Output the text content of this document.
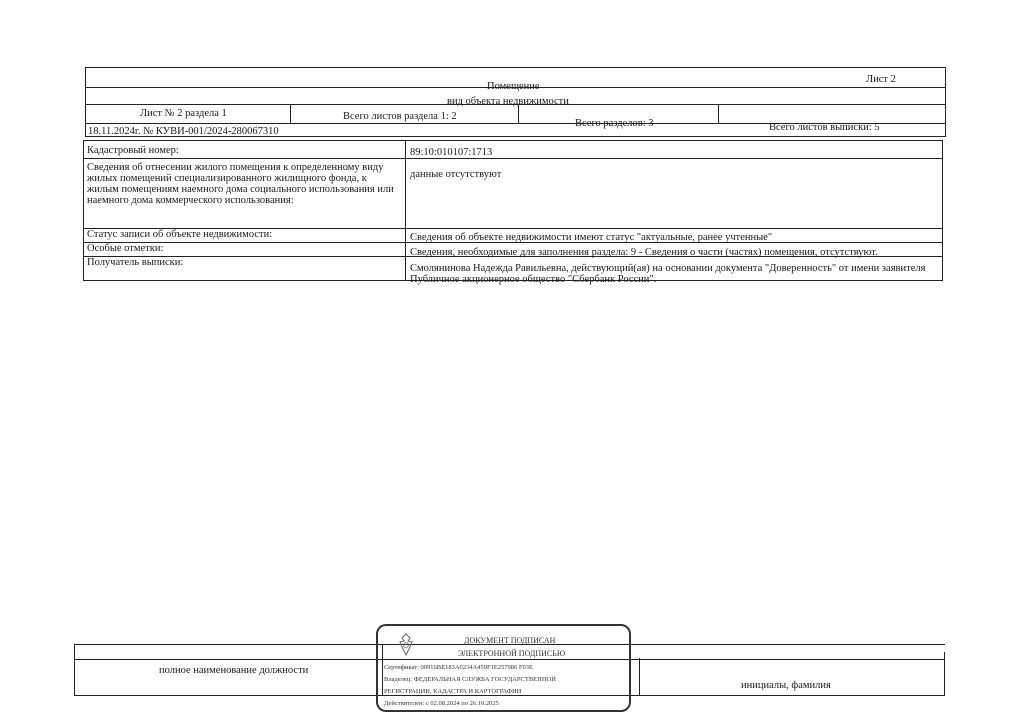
Лист 2
Помещение
вид объекта недвижимости
Лист № 2 раздела 1	Всего листов раздела 1: 2
Всего разделов: 3	Всего листов выписки: 5
18.11.2024г. № КУВИ-001/2024-280067310
Кадастровый номер:	89:10:010107:1713
Сведения об отнесении жилого помещения к определенному виду жилых помещений специализированного жилищного фонда, к жилым помещениям наемного дома социального использования или наемного дома коммерческого использования:
данные отсутствуют
Статус записи об объекте недвижимости:	Сведения об объекте недвижимости имеют статус "актуальные, ранее учтенные"
Особые отметки:	Сведения, необходимые для заполнения раздела: 9 - Сведения о части (частях) помещения, отсутствуют.
Получатель выписки:
Смолянинова Надежда Равильевна, действующий(ая) на основании документа "Доверенность" от имени заявителя Публичное акционерное общество "Сбербанк России".
полное наименование должности
инициалы, фамилия
ДОКУМЕНТ ПОДПИСАН
ЭЛЕКТРОННОЙ ПОДПИСЬЮ
Сертификат: 00916ВЕ183А0234А459F1Е257986 F03Е
Владелец: ФЕДЕРАЛЬНАЯ СЛУЖБА ГОСУДАРСТВЕННОЙ
РЕГИСТРАЦИИ, КАДАСТРА И КАРТОГРАФИИ
Действителен: с 02.08.2024 по 26.10.2025
